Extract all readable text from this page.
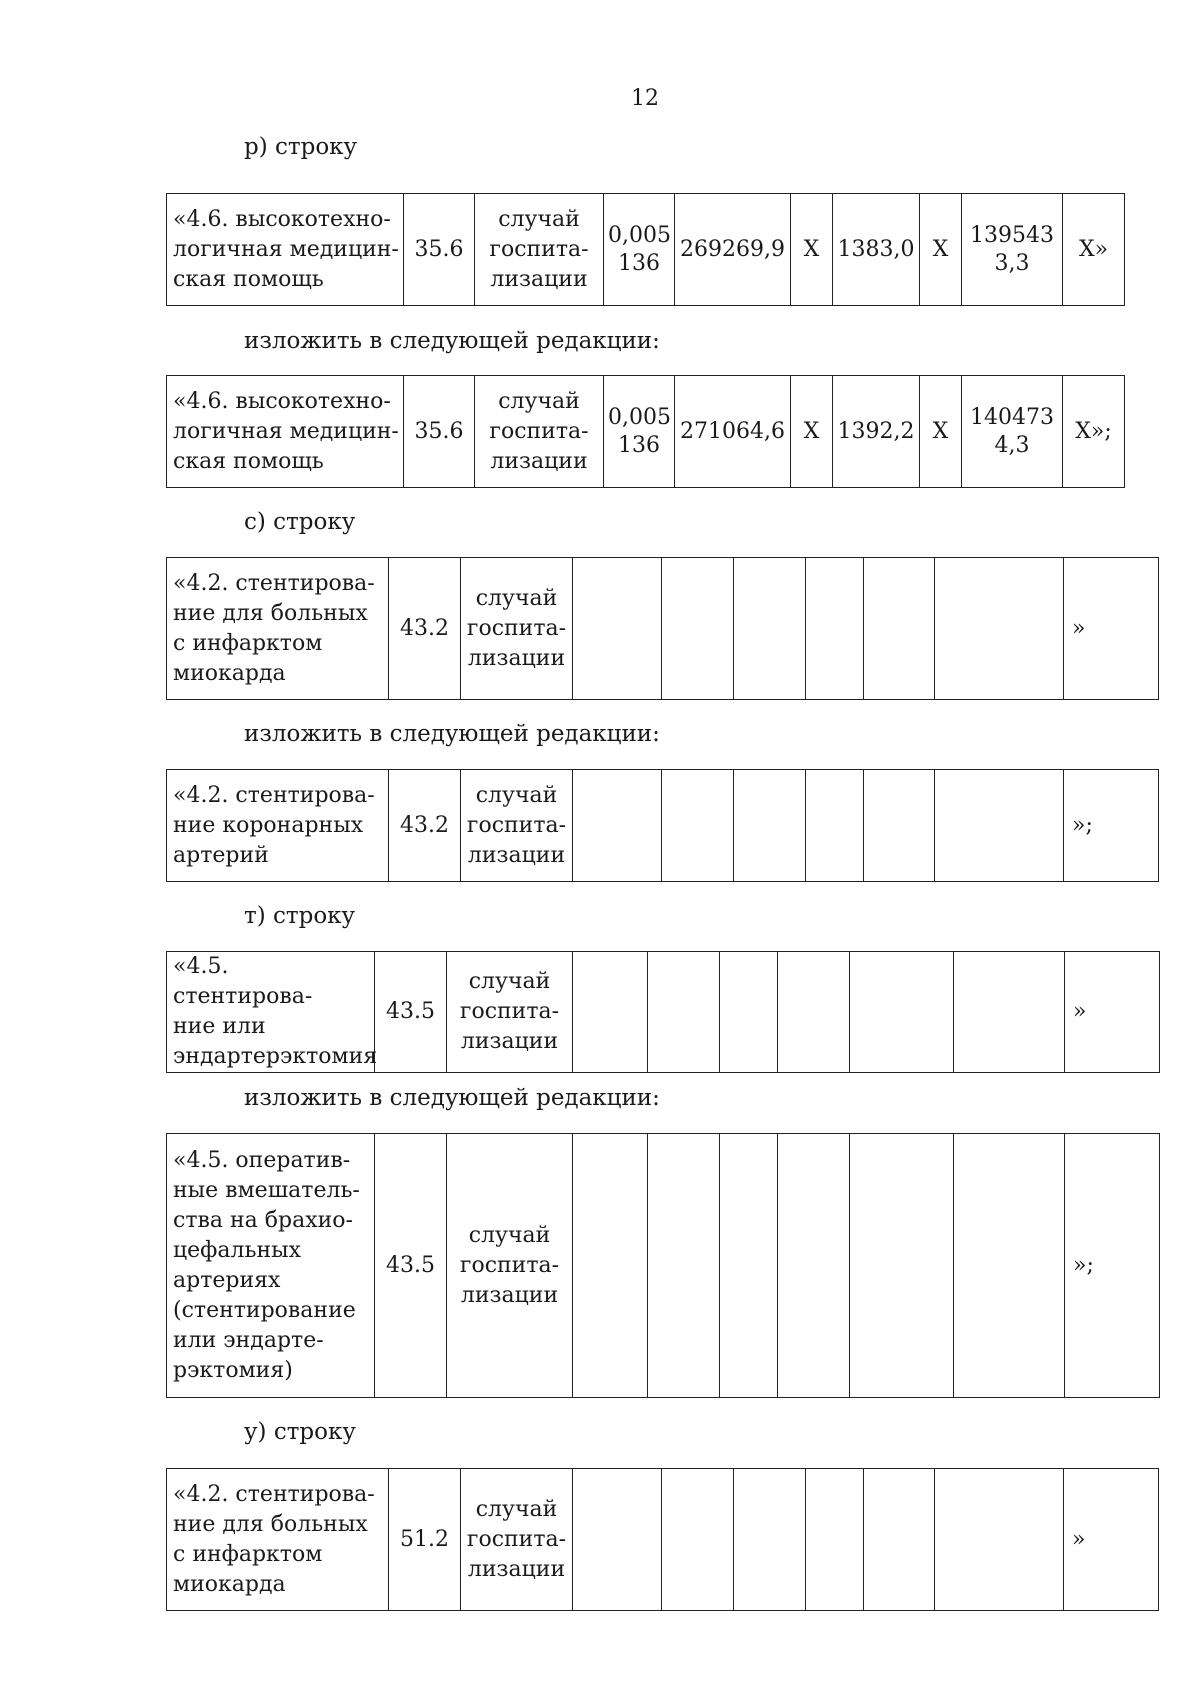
12
р) строку
«4.6. высокотехно-
логичная медицин-
ская помощь	35.6	случай
госпита-
лизации	0,005
136	269269,9	Х	1383,0	Х	139543
3,3	Х»
изложить в следующей редакции:
«4.6. высокотехно-
логичная медицин-
ская помощь	35.6	случай
госпита-
лизации	0,005
136	271064,6	Х	1392,2	Х	140473
4,3	Х»;
с) строку
«4.2. стентирова-
ние для больных
с инфарктом
миокарда	43.2	случай
госпита-
лизации							»
изложить в следующей редакции:
«4.2. стентирова-
ние коронарных
артерий	43.2	случай
госпита-
лизации							»;
т) строку
«4.5. стентирова-
ние или
эндартерэктомия	43.5	случай
госпита-
лизации							»
изложить в следующей редакции:
«4.5. оператив-
ные вмешатель-
ства на брахио-
цефальных
артериях
(стентирование
или эндарте-
рэктомия)	43.5	случай
госпита-
лизации							»;
у) строку
«4.2. стентирова-
ние для больных
с инфарктом
миокарда	51.2	случай
госпита-
лизации							»
